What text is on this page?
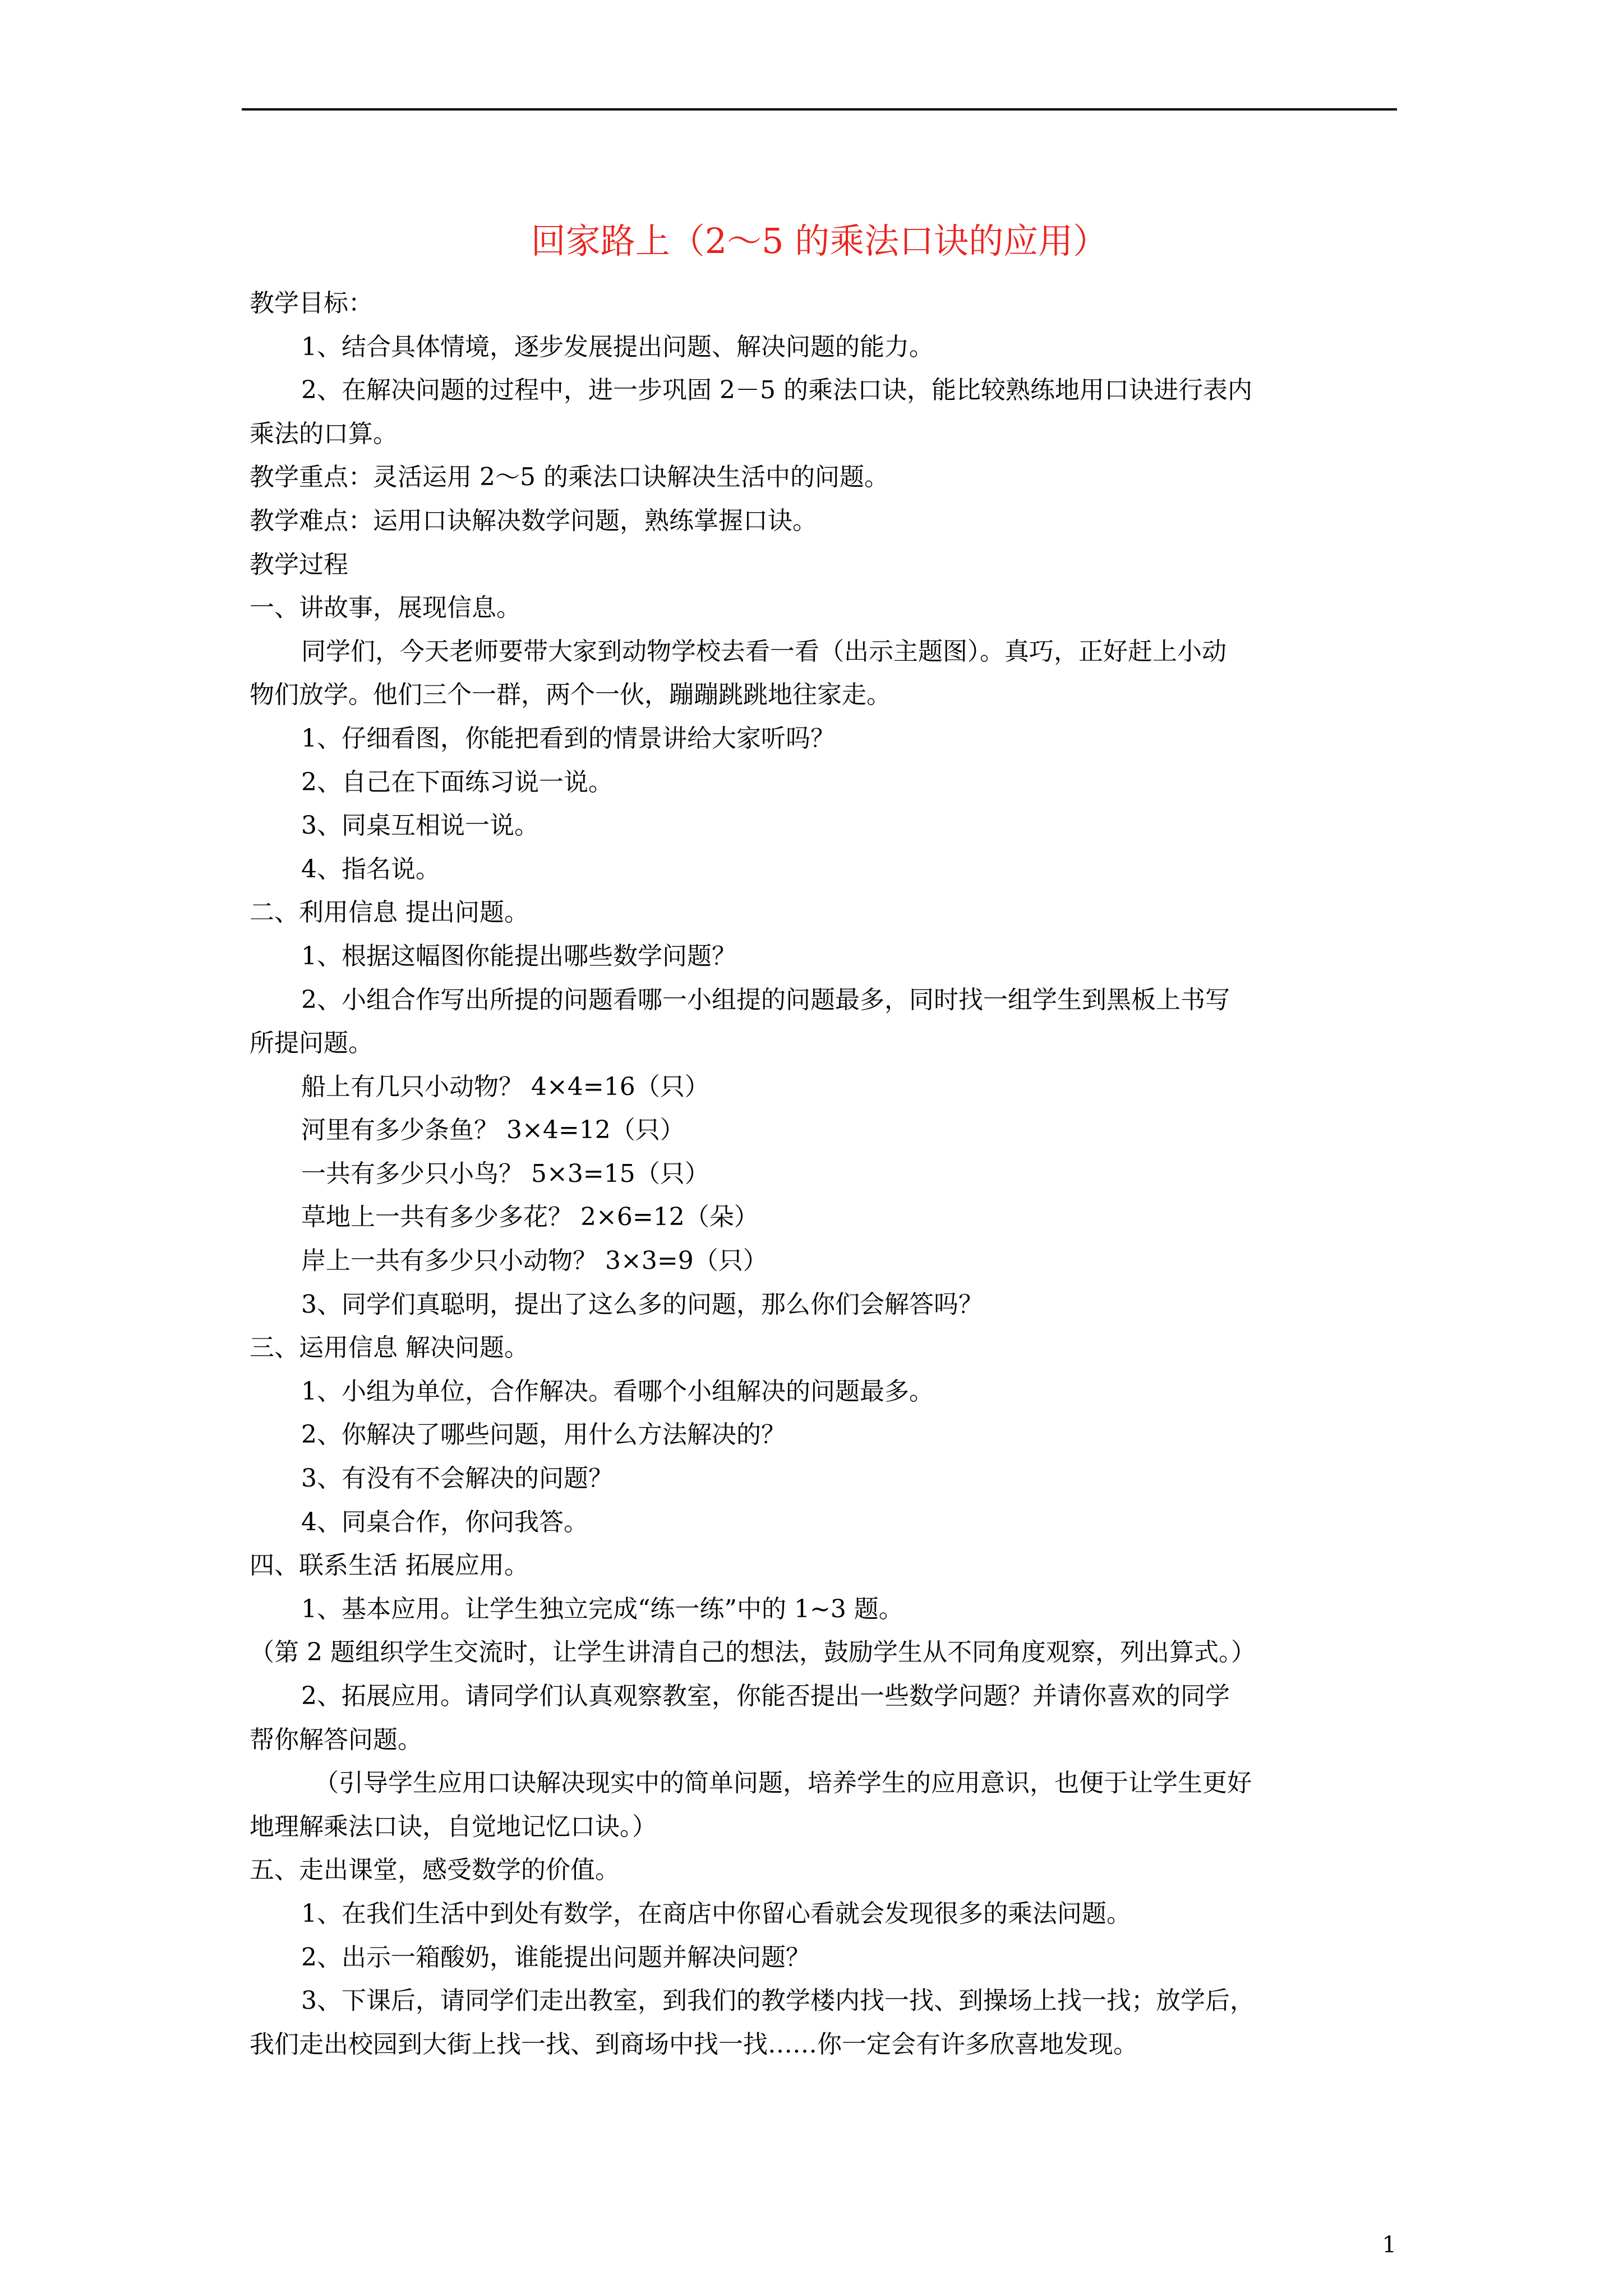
回家路上（2～5 的乘法口诀的应用）

教学目标：

1、结合具体情境，逐步发展提出问题、解决问题的能力。

2、在解决问题的过程中，进一步巩固 2－5 的乘法口诀，能比较熟练地用口诀进行表内

乘法的口算。

教学重点：灵活运用 2～5 的乘法口诀解决生活中的问题。

教学难点：运用口诀解决数学问题，熟练掌握口诀。

教学过程

一、讲故事，展现信息。

同学们，今天老师要带大家到动物学校去看一看（出示主题图）。真巧，正好赶上小动

物们放学。他们三个一群，两个一伙，蹦蹦跳跳地往家走。

1、仔细看图，你能把看到的情景讲给大家听吗？

2、自己在下面练习说一说。

3、同桌互相说一说。

4、指名说。

二、利用信息 提出问题。

1、根据这幅图你能提出哪些数学问题？

2、小组合作写出所提的问题看哪一小组提的问题最多，同时找一组学生到黑板上书写

所提问题。

船上有几只小动物？ 4×4=16（只）

河里有多少条鱼？ 3×4=12（只）

一共有多少只小鸟？ 5×3=15（只）

草地上一共有多少多花？ 2×6=12（朵）

岸上一共有多少只小动物？ 3×3=9（只）

3、同学们真聪明，提出了这么多的问题，那么你们会解答吗？

三、运用信息 解决问题。

1、小组为单位，合作解决。看哪个小组解决的问题最多。

2、你解决了哪些问题，用什么方法解决的？

3、有没有不会解决的问题？

4、同桌合作，你问我答。

四、联系生活 拓展应用。

1、基本应用。让学生独立完成“练一练”中的 1~3 题。

（第 2 题组织学生交流时，让学生讲清自己的想法，鼓励学生从不同角度观察，列出算式。）

2、拓展应用。请同学们认真观察教室，你能否提出一些数学问题？并请你喜欢的同学

帮你解答问题。

（引导学生应用口诀解决现实中的简单问题，培养学生的应用意识，也便于让学生更好

地理解乘法口诀，自觉地记忆口诀。）

五、走出课堂，感受数学的价值。

1、在我们生活中到处有数学，在商店中你留心看就会发现很多的乘法问题。

2、出示一箱酸奶，谁能提出问题并解决问题？

3、下课后，请同学们走出教室，到我们的教学楼内找一找、到操场上找一找；放学后，

我们走出校园到大街上找一找、到商场中找一找……你一定会有许多欣喜地发现。

1
